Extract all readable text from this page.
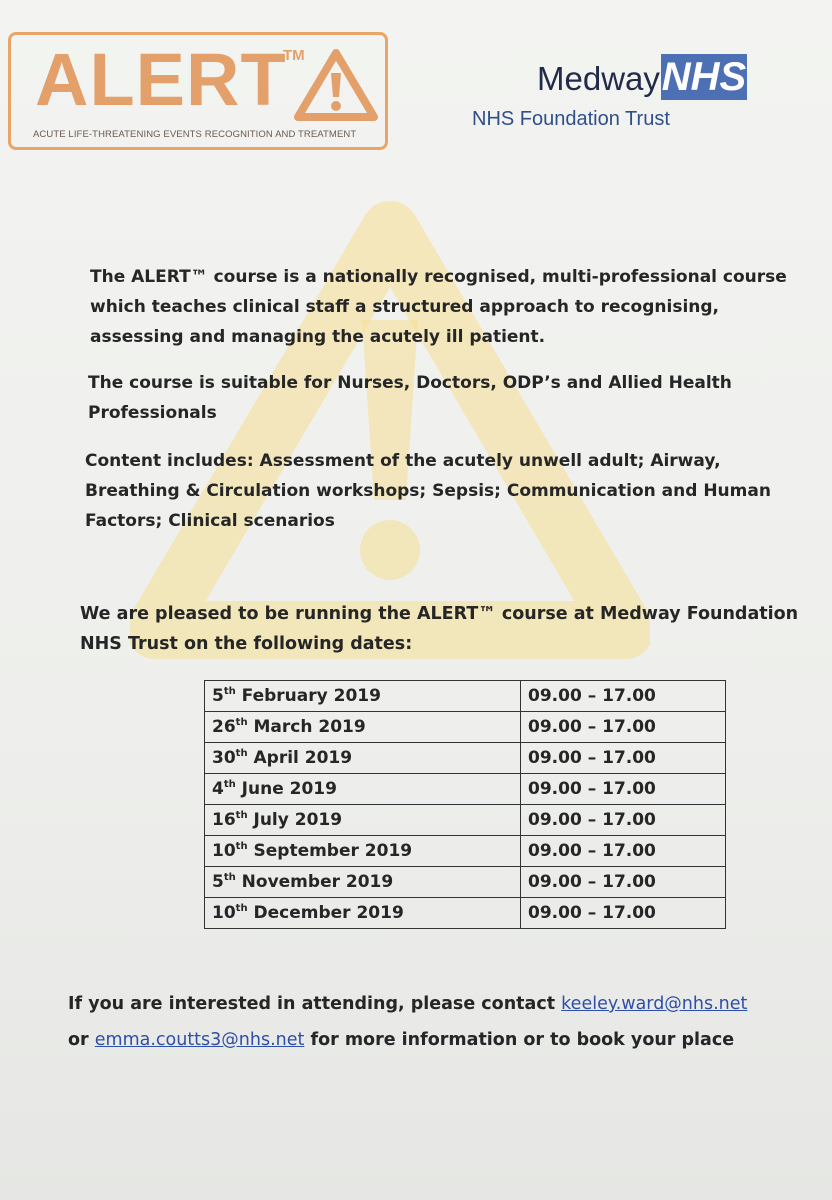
ALERT
TM
ACUTE LIFE-THREATENING EVENTS RECOGNITION AND TREATMENT
Medway NHS
NHS Foundation Trust

The ALERT™ course is a nationally recognised, multi-professional course which teaches clinical staff a structured approach to recognising, assessing and managing the acutely ill patient.

The course is suitable for Nurses, Doctors, ODP’s and Allied Health Professionals

Content includes: Assessment of the acutely unwell adult; Airway, Breathing & Circulation workshops; Sepsis; Communication and Human Factors; Clinical scenarios

We are pleased to be running the ALERT™ course at Medway Foundation NHS Trust on the following dates:

5th February 2019	09.00 – 17.00
26th March 2019	09.00 – 17.00
30th April 2019	09.00 – 17.00
4th June 2019	09.00 – 17.00
16th July 2019	09.00 – 17.00
10th September 2019	09.00 – 17.00
5th November 2019	09.00 – 17.00
10th December 2019	09.00 – 17.00

If you are interested in attending, please contact keeley.ward@nhs.net
or emma.coutts3@nhs.net for more information or to book your place
